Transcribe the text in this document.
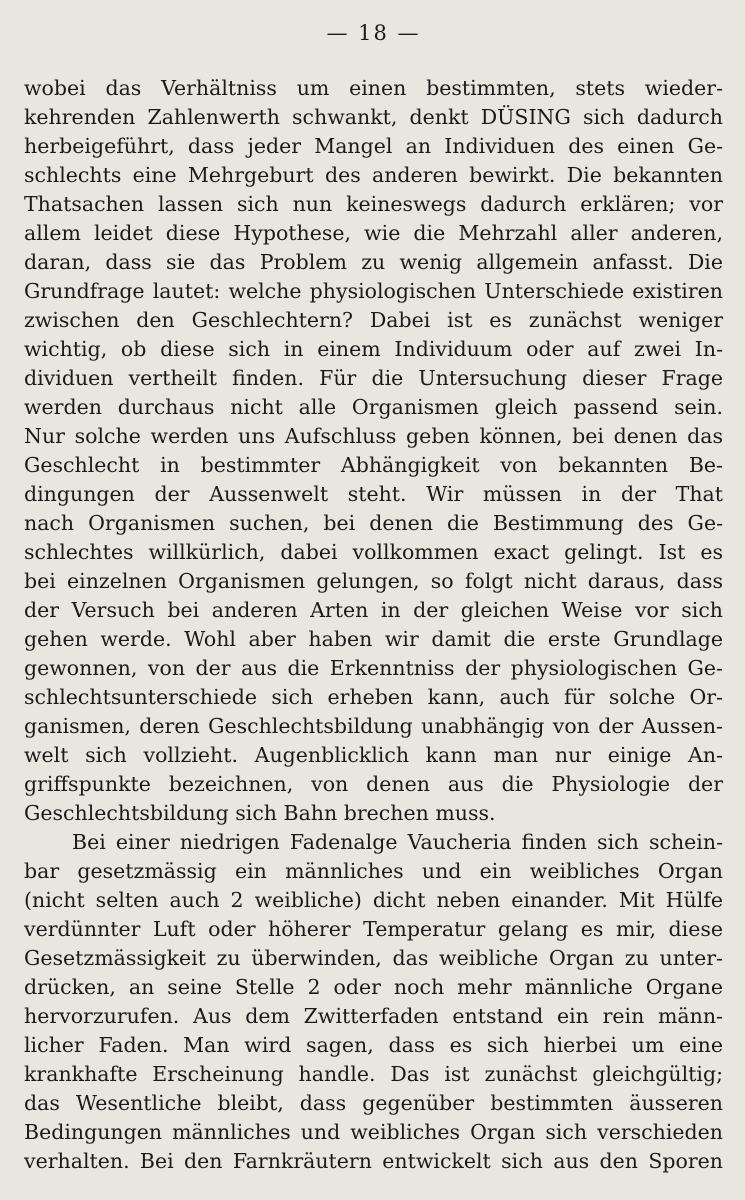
— 18 —
wobei das Verhältniss um einen bestimmten, stets wieder-
kehrenden Zahlenwerth schwankt, denkt DÜSING sich dadurch
herbeigeführt, dass jeder Mangel an Individuen des einen Ge-
schlechts eine Mehrgeburt des anderen bewirkt. Die bekannten
Thatsachen lassen sich nun keineswegs dadurch erklären; vor
allem leidet diese Hypothese, wie die Mehrzahl aller anderen,
daran, dass sie das Problem zu wenig allgemein anfasst. Die
Grundfrage lautet: welche physiologischen Unterschiede existiren
zwischen den Geschlechtern? Dabei ist es zunächst weniger
wichtig, ob diese sich in einem Individuum oder auf zwei In-
dividuen vertheilt finden. Für die Untersuchung dieser Frage
werden durchaus nicht alle Organismen gleich passend sein.
Nur solche werden uns Aufschluss geben können, bei denen das
Geschlecht in bestimmter Abhängigkeit von bekannten Be-
dingungen der Aussenwelt steht. Wir müssen in der That
nach Organismen suchen, bei denen die Bestimmung des Ge-
schlechtes willkürlich, dabei vollkommen exact gelingt. Ist es
bei einzelnen Organismen gelungen, so folgt nicht daraus, dass
der Versuch bei anderen Arten in der gleichen Weise vor sich
gehen werde. Wohl aber haben wir damit die erste Grundlage
gewonnen, von der aus die Erkenntniss der physiologischen Ge-
schlechtsunterschiede sich erheben kann, auch für solche Or-
ganismen, deren Geschlechtsbildung unabhängig von der Aussen-
welt sich vollzieht. Augenblicklich kann man nur einige An-
griffspunkte bezeichnen, von denen aus die Physiologie der
Geschlechtsbildung sich Bahn brechen muss.
Bei einer niedrigen Fadenalge Vaucheria finden sich schein-
bar gesetzmässig ein männliches und ein weibliches Organ
(nicht selten auch 2 weibliche) dicht neben einander. Mit Hülfe
verdünnter Luft oder höherer Temperatur gelang es mir, diese
Gesetzmässigkeit zu überwinden, das weibliche Organ zu unter-
drücken, an seine Stelle 2 oder noch mehr männliche Organe
hervorzurufen. Aus dem Zwitterfaden entstand ein rein männ-
licher Faden. Man wird sagen, dass es sich hierbei um eine
krankhafte Erscheinung handle. Das ist zunächst gleichgültig;
das Wesentliche bleibt, dass gegenüber bestimmten äusseren
Bedingungen männliches und weibliches Organ sich verschieden
verhalten. Bei den Farnkräutern entwickelt sich aus den Sporen
